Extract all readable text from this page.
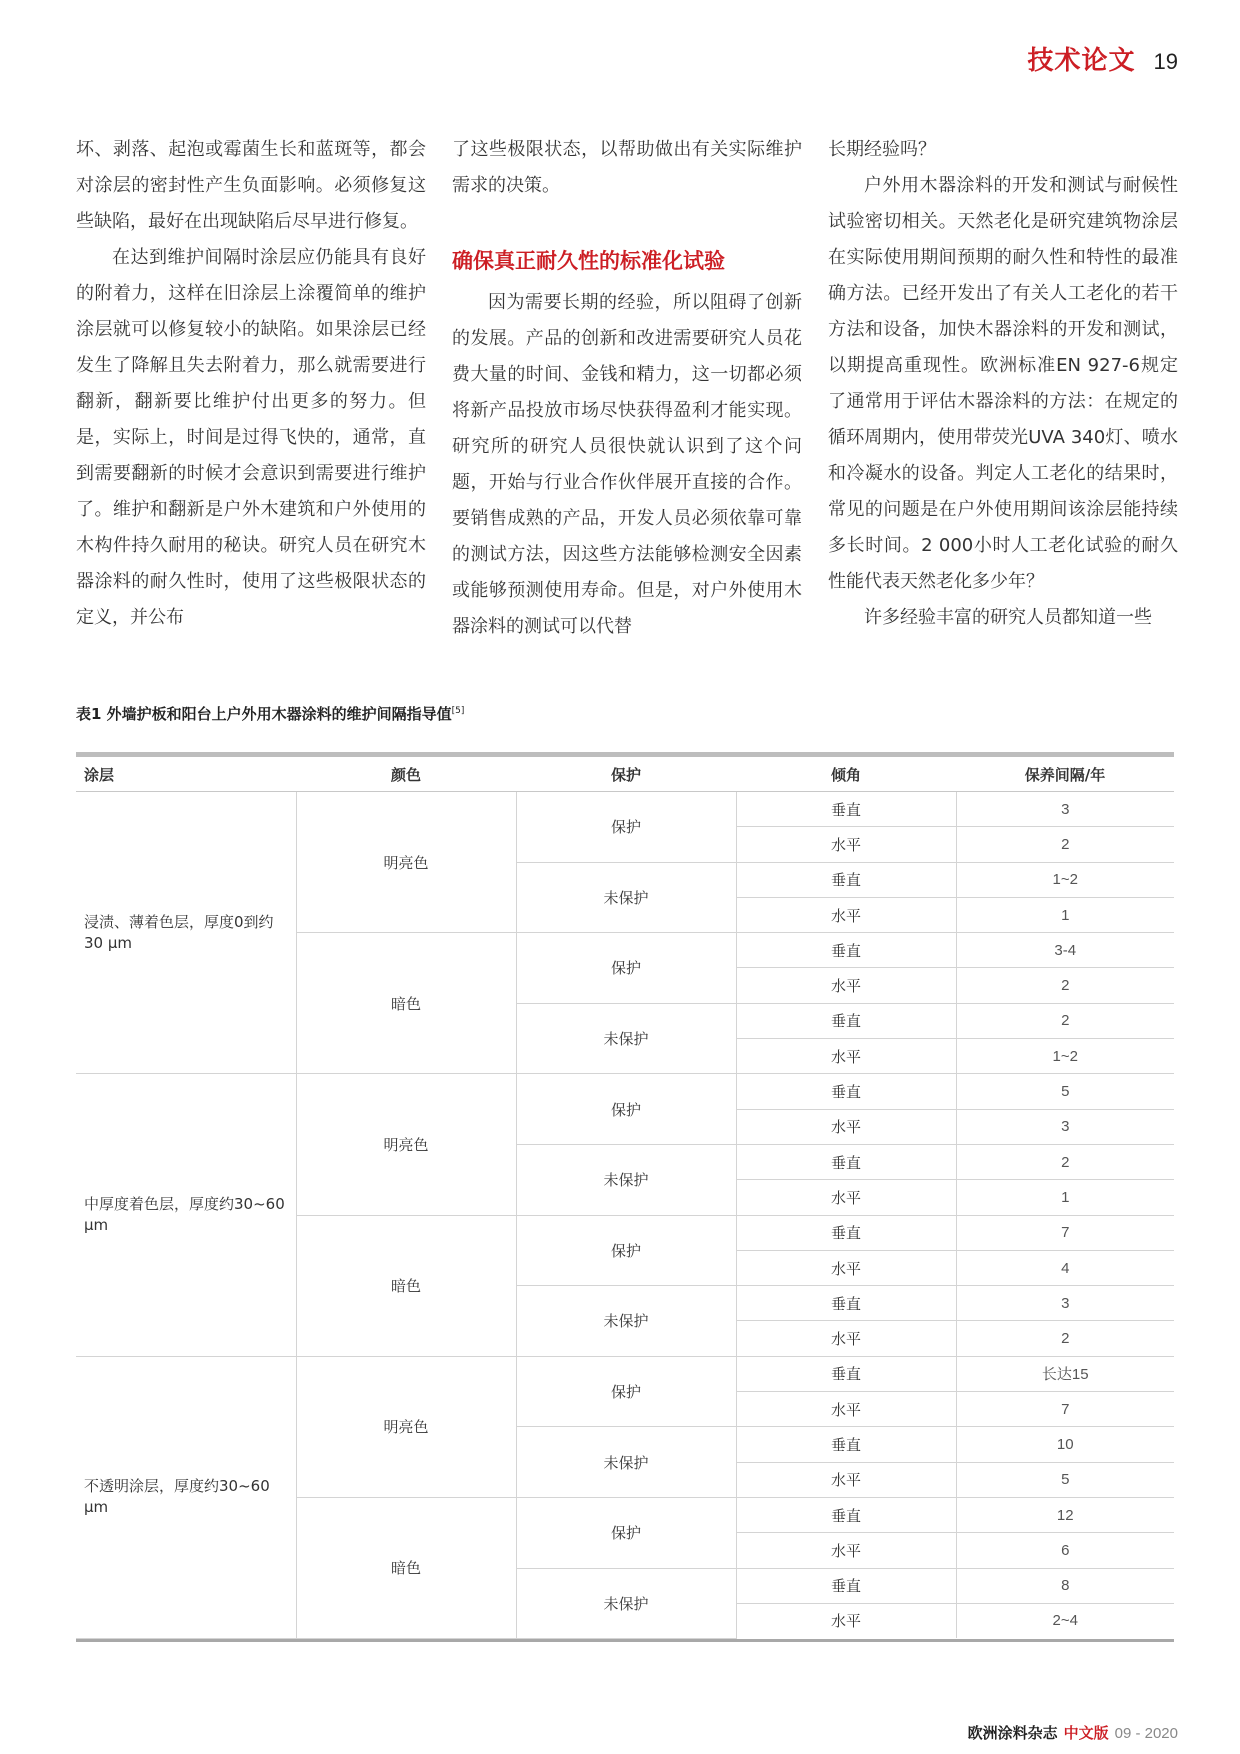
技术论文 19

坏、剥落、起泡或霉菌生长和蓝斑等，都会对涂层的密封性产生负面影响。必须修复这些缺陷，最好在出现缺陷后尽早进行修复。

在达到维护间隔时涂层应仍能具有良好的附着力，这样在旧涂层上涂覆简单的维护涂层就可以修复较小的缺陷。如果涂层已经发生了降解且失去附着力，那么就需要进行翻新，翻新要比维护付出更多的努力。但是，实际上，时间是过得飞快的，通常，直到需要翻新的时候才会意识到需要进行维护了。维护和翻新是户外木建筑和户外使用的木构件持久耐用的秘诀。研究人员在研究木器涂料的耐久性时，使用了这些极限状态的定义，并公布

了这些极限状态，以帮助做出有关实际维护需求的决策。

确保真正耐久性的标准化试验

因为需要长期的经验，所以阻碍了创新的发展。产品的创新和改进需要研究人员花费大量的时间、金钱和精力，这一切都必须将新产品投放市场尽快获得盈利才能实现。研究所的研究人员很快就认识到了这个问题，开始与行业合作伙伴展开直接的合作。要销售成熟的产品，开发人员必须依靠可靠的测试方法，因这些方法能够检测安全因素或能够预测使用寿命。但是，对户外使用木器涂料的测试可以代替

长期经验吗？

户外用木器涂料的开发和测试与耐候性试验密切相关。天然老化是研究建筑物涂层在实际使用期间预期的耐久性和特性的最准确方法。已经开发出了有关人工老化的若干方法和设备，加快木器涂料的开发和测试，以期提高重现性。欧洲标准EN 927-6规定了通常用于评估木器涂料的方法：在规定的循环周期内，使用带荧光UVA 340灯、喷水和冷凝水的设备。判定人工老化的结果时，常见的问题是在户外使用期间该涂层能持续多长时间。2 000小时人工老化试验的耐久性能代表天然老化多少年？

许多经验丰富的研究人员都知道一些

表1 外墙护板和阳台上户外用木器涂料的维护间隔指导值[5]
涂层	颜色	保护	倾角	保养间隔/年
浸渍、薄着色层，厚度0到约30 µm	明亮色	保护	垂直	3
			水平	2
		未保护	垂直	1~2
			水平	1
	暗色	保护	垂直	3-4
			水平	2
		未保护	垂直	2
			水平	1~2
中厚度着色层，厚度约30~60 µm	明亮色	保护	垂直	5
			水平	3
		未保护	垂直	2
			水平	1
	暗色	保护	垂直	7
			水平	4
		未保护	垂直	3
			水平	2
不透明涂层，厚度约30~60 µm	明亮色	保护	垂直	长达15
			水平	7
		未保护	垂直	10
			水平	5
	暗色	保护	垂直	12
			水平	6
		未保护	垂直	8
			水平	2~4
欧洲涂料杂志 中文版 09 - 2020
